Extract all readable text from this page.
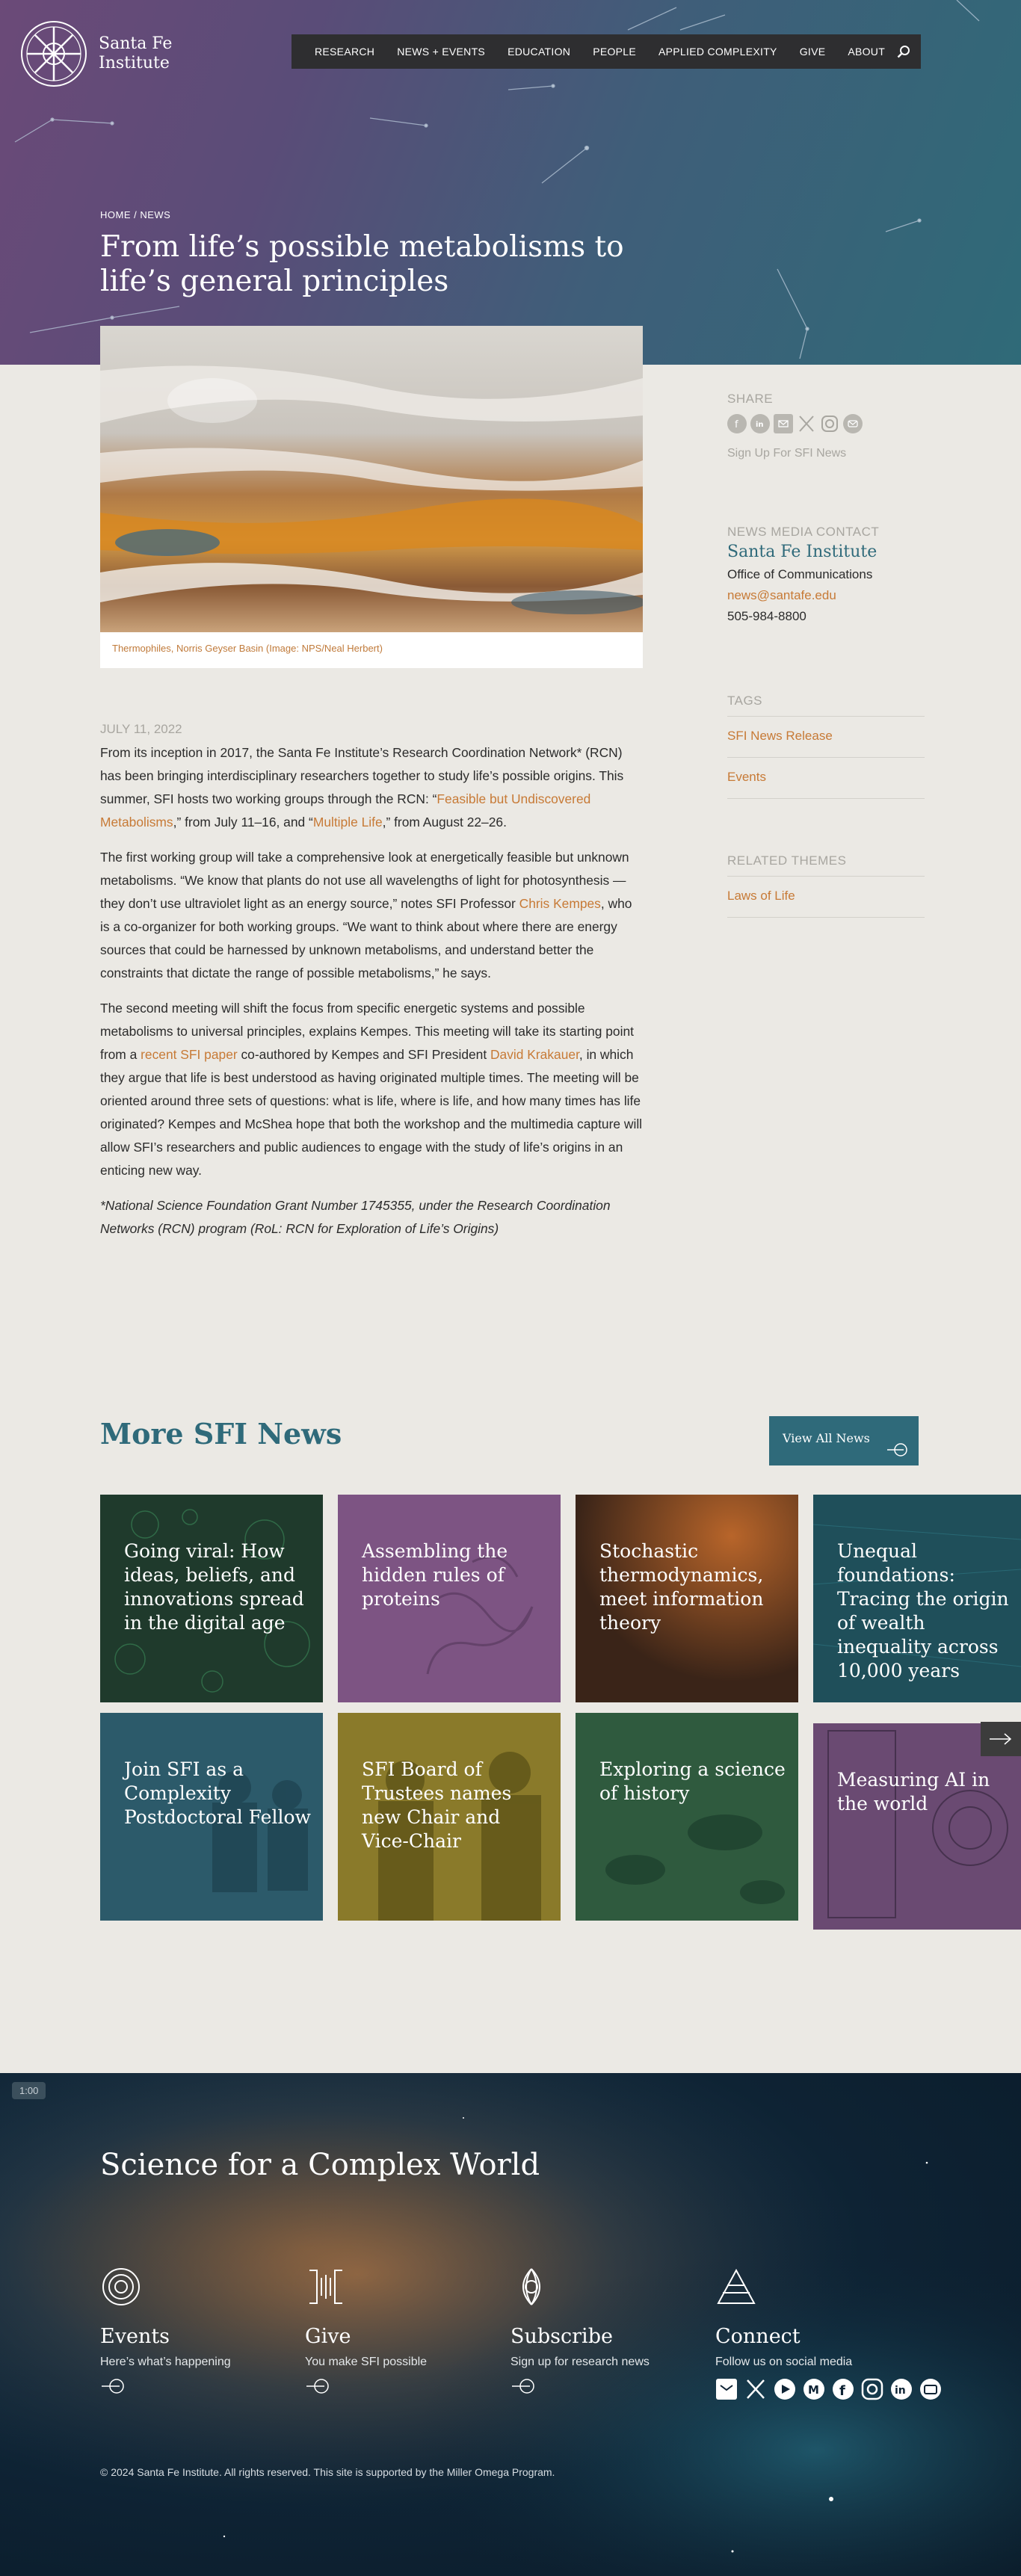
Santa Fe
Institute
RESEARCH	NEWS + EVENTS	EDUCATION	PEOPLE	APPLIED COMPLEXITY	GIVE	ABOUT
HOME / NEWS
From life’s possible metabolisms to life’s general principles
Thermophiles, Norris Geyser Basin (Image: NPS/Neal Herbert)
JULY 11, 2022

From its inception in 2017, the Santa Fe Institute’s Research Coordination Network* (RCN) has been bringing interdisciplinary researchers together to study life’s possible origins. This summer, SFI hosts two working groups through the RCN: “Feasible but Undiscovered Metabolisms,” from July 11–16, and “Multiple Life,” from August 22–26.

The first working group will take a comprehensive look at energetically feasible but unknown metabolisms. “We know that plants do not use all wavelengths of light for photosynthesis — they don’t use ultraviolet light as an energy source,” notes SFI Professor Chris Kempes, who is a co-organizer for both working groups. “We want to think about where there are energy sources that could be harnessed by unknown metabolisms, and understand better the constraints that dictate the range of possible metabolisms,” he says.

The second meeting will shift the focus from specific energetic systems and possible metabolisms to universal principles, explains Kempes. This meeting will take its starting point from a recent SFI paper co-authored by Kempes and SFI President David Krakauer, in which they argue that life is best understood as having originated multiple times. The meeting will be oriented around three sets of questions: what is life, where is life, and how many times has life originated? Kempes and McShea hope that both the workshop and the multimedia capture will allow SFI’s researchers and public audiences to engage with the study of life’s origins in an enticing new way.

*National Science Foundation Grant Number 1745355, under the Research Coordination Networks (RCN) program (RoL: RCN for Exploration of Life’s Origins)

SHARE
f in
Sign Up For SFI News
NEWS MEDIA CONTACT
Santa Fe Institute
Office of Communications
news@santafe.edu
505-984-8800
TAGS
SFI News Release
Events
RELATED THEMES
Laws of Life
More SFI News	View All News
Going viral: How ideas, beliefs, and innovations spread in the digital age
Assembling the hidden rules of proteins
Stochastic thermodynamics, meet information theory
Unequal foundations: Tracing the origin of wealth inequality across 10,000 years
Join SFI as a Complexity Postdoctoral Fellow
SFI Board of Trustees names new Chair and Vice-Chair
Exploring a science of history
Measuring AI in the world
1:00
Science for a Complex World
Events
Here’s what’s happening
Give
You make SFI possible
Subscribe
Sign up for research news
Connect
Follow us on social media
M f	in
© 2024 Santa Fe Institute. All rights reserved. This site is supported by the Miller Omega Program.
